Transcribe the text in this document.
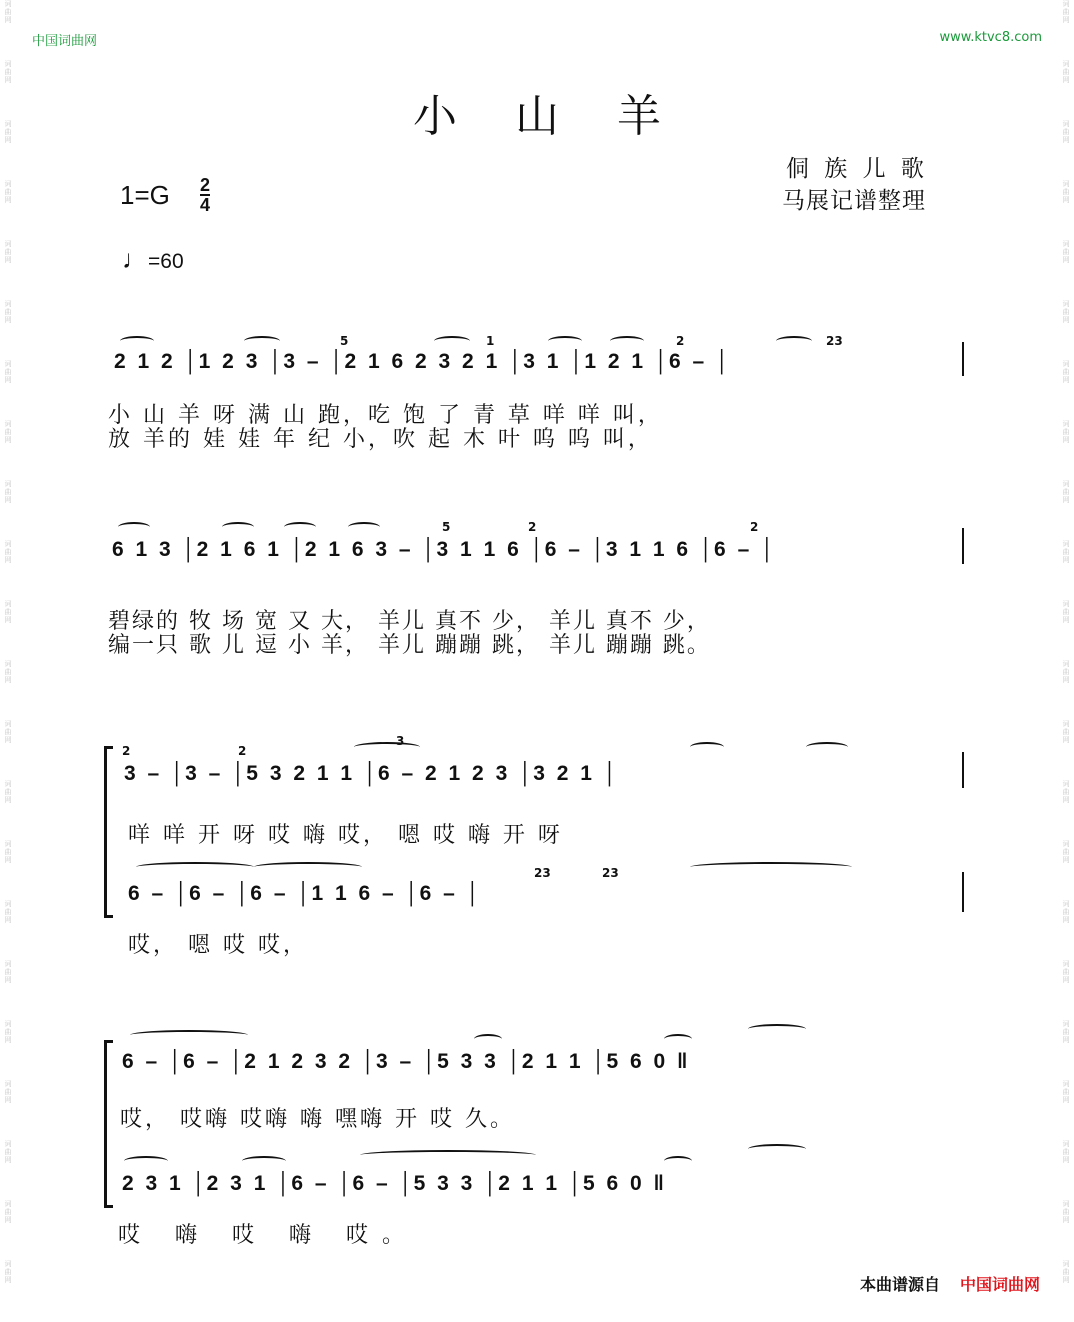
词
曲
网
词
曲
网
词
曲
网
词
曲
网
词
曲
网
词
曲
网
词
曲
网
词
曲
网
词
曲
网
词
曲
网
词
曲
网
词
曲
网
词
曲
网
词
曲
网
词
曲
网
词
曲
网
词
曲
网
词
曲
网
词
曲
网
词
曲
网
词
曲
网
词
曲
网
词
曲
网
词
曲
网
词
曲
网
词
曲
网
词
曲
网
词
曲
网
词
曲
网
词
曲
网
词
曲
网
词
曲
网
词
曲
网
词
曲
网
词
曲
网
词
曲
网
词
曲
网
词
曲
网
词
曲
网
词
曲
网
词
曲
网
词
曲
网
词
曲
网
词
曲
网
中国词曲网	www.ktvc8.com
小山羊
侗 族 儿 歌
马展记谱整理
$1=G \frac{2}{4}$
♩=60
2 1 2 │1 2 3 │3 – │2 1 6 2 3 2 1 │3 1 │1 2 1 │6 – │
5	1	2	23
小 山 羊 呀 满 山 跑，吃 饱 了 青 草 咩 咩 叫，
放 羊的 娃 娃 年 纪 小，吹 起 木 叶 呜 呜 叫，
6 1 3 │2 1 6 1 │2 1 6 3 – │3 1 1 6 │6 – │3 1 1 6 │6 – │
5	2	2
碧绿的 牧 场 宽 又 大， 羊儿 真不 少， 羊儿 真不 少，
编一只 歌 儿 逗 小 羊， 羊儿 蹦蹦 跳， 羊儿 蹦蹦 跳。
3 – │3 – │5 3 2 1 1 │6 – 2 1 2 3 │3 2 1 │
2	2
3
咩 咩 开 呀 哎 嗨 哎， 嗯 哎 嗨 开 呀
6 – │6 – │6 – │1 1 6 – │6 – │
23	23
哎， 嗯 哎 哎，
6 – │6 – │2 1 2 3 2 │3 – │5 3 3 │2 1 1 │5 6 0 ‖
哎， 哎嗨 哎嗨 嗨 嘿嗨 开 哎 久。
2 3 1 │2 3 1 │6 – │6 – │5 3 3 │2 1 1 │5 6 0 ‖
哎 嗨 哎 嗨 哎。
本曲谱源自 中国词曲网
